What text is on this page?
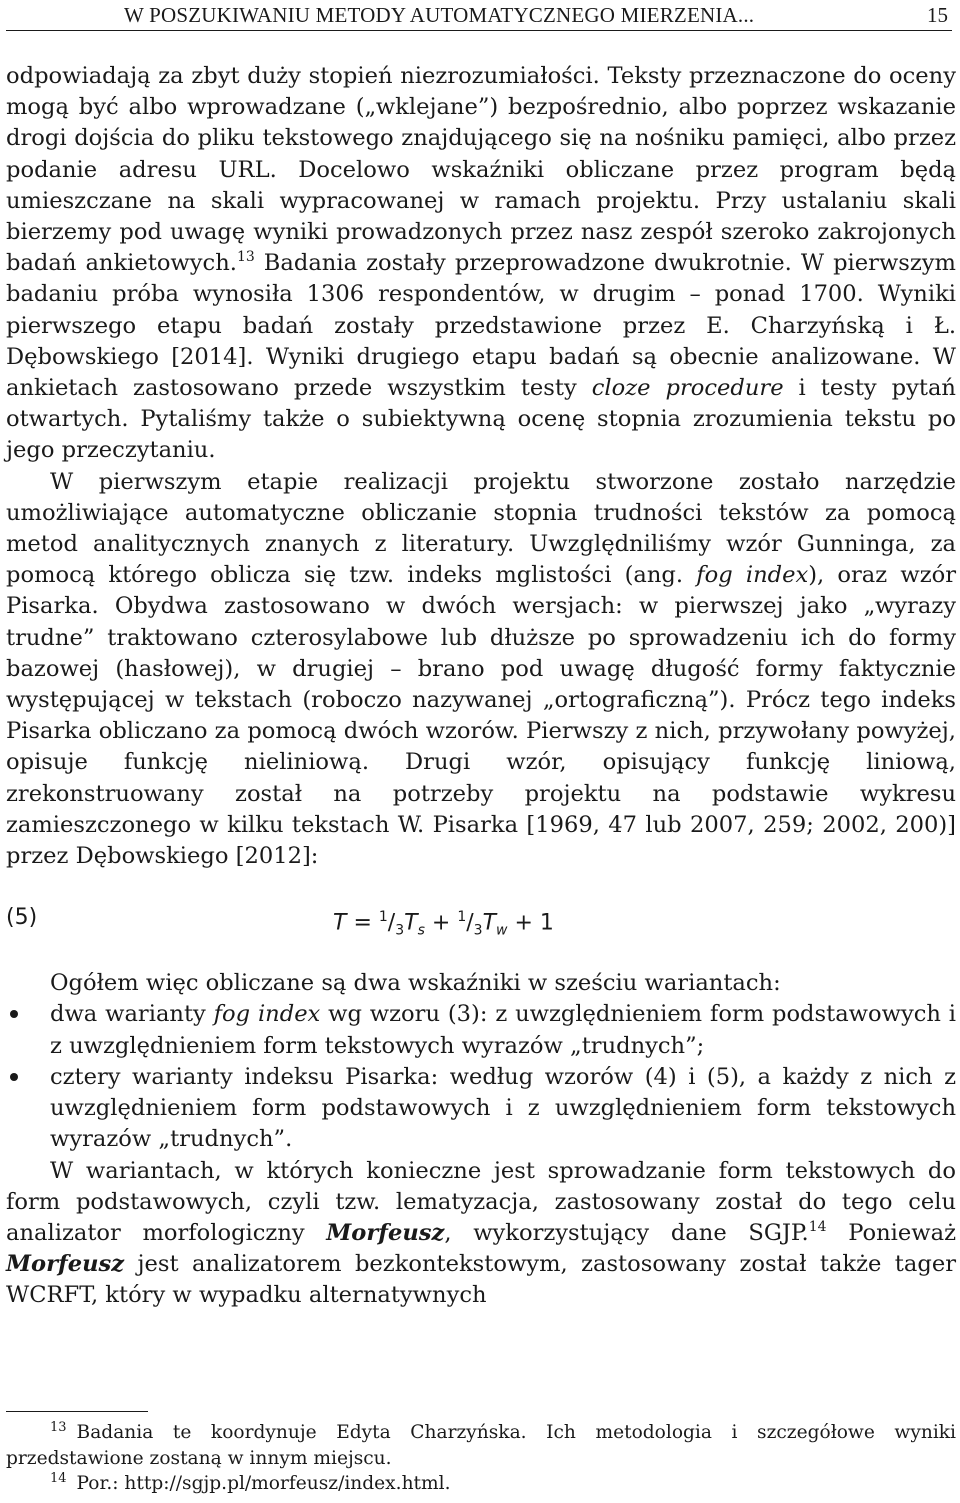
W POSZUKIWANIU METODY AUTOMATYCZNEGO MIERZENIA...	15

odpowiadają za zbyt duży stopień niezrozumiałości. Teksty przeznaczone do oceny mogą być albo wprowadzane („wklejane”) bezpośrednio, albo poprzez wskazanie drogi dojścia do pliku tekstowego znajdującego się na nośniku pamięci, albo przez podanie adresu URL. Docelowo wskaźniki obliczane przez program będą umieszczane na skali wypracowanej w ramach projektu. Przy ustalaniu skali bierzemy pod uwagę wyniki prowadzonych przez nasz zespół szeroko zakrojonych badań ankietowych.$^{13}$ Badania zostały przeprowadzone dwukrotnie. W pierwszym badaniu próba wynosiła 1306 respondentów, w drugim – ponad 1700. Wyniki pierwszego etapu badań zostały przedstawione przez E. Charzyńską i Ł. Dębowskiego [2014]. Wyniki drugiego etapu badań są obecnie analizowane. W ankietach zastosowano przede wszystkim testy cloze procedure i testy pytań otwartych. Pytaliśmy także o subiektywną ocenę stopnia zrozumienia tekstu po jego przeczytaniu.

W pierwszym etapie realizacji projektu stworzone zostało narzędzie umożliwiające automatyczne obliczanie stopnia trudności tekstów za pomocą metod analitycznych znanych z literatury. Uwzględniliśmy wzór Gunninga, za pomocą którego oblicza się tzw. indeks mglistości (ang. fog index), oraz wzór Pisarka. Obydwa zastosowano w dwóch wersjach: w pierwszej jako „wyrazy trudne” traktowano czterosylabowe lub dłuższe po sprowadzeniu ich do formy bazowej (hasłowej), w drugiej – brano pod uwagę długość formy faktycznie występującej w tekstach (roboczo nazywanej „ortograficzną”). Prócz tego indeks Pisarka obliczano za pomocą dwóch wzorów. Pierwszy z nich, przywołany powyżej, opisuje funkcję nieliniową. Drugi wzór, opisujący funkcję liniową, zrekonstruowany został na potrzeby projektu na podstawie wykresu zamieszczonego w kilku tekstach W. Pisarka [1969, 47 lub 2007, 259; 2002, 200)] przez Dębowskiego [2012]:

(5)	$T = ^1/_3T_s + ^1/_3T_w + 1$

Ogółem więc obliczane są dwa wskaźniki w sześciu wariantach:

dwa warianty fog index wg wzoru (3): z uwzględnieniem form podstawowych i z uwzględnieniem form tekstowych wyrazów „trudnych”;
cztery warianty indeksu Pisarka: według wzorów (4) i (5), a każdy z nich z uwzględnieniem form podstawowych i z uwzględnieniem form tekstowych wyrazów „trudnych”.

W wariantach, w których konieczne jest sprowadzanie form tekstowych do form podstawowych, czyli tzw. lematyzacja, zastosowany został do tego celu analizator morfologiczny Morfeusz, wykorzystujący dane SGJP.$^{14}$ Ponieważ Morfeusz jest analizatorem bezkontekstowym, zastosowany został także tager WCRFT, który w wypadku alternatywnych

$^{13}$ Badania te koordynuje Edyta Charzyńska. Ich metodologia i szczegółowe wyniki przedstawione zostaną w innym miejscu.

$^{14}$ Por.: http://sgjp.pl/morfeusz/index.html.
